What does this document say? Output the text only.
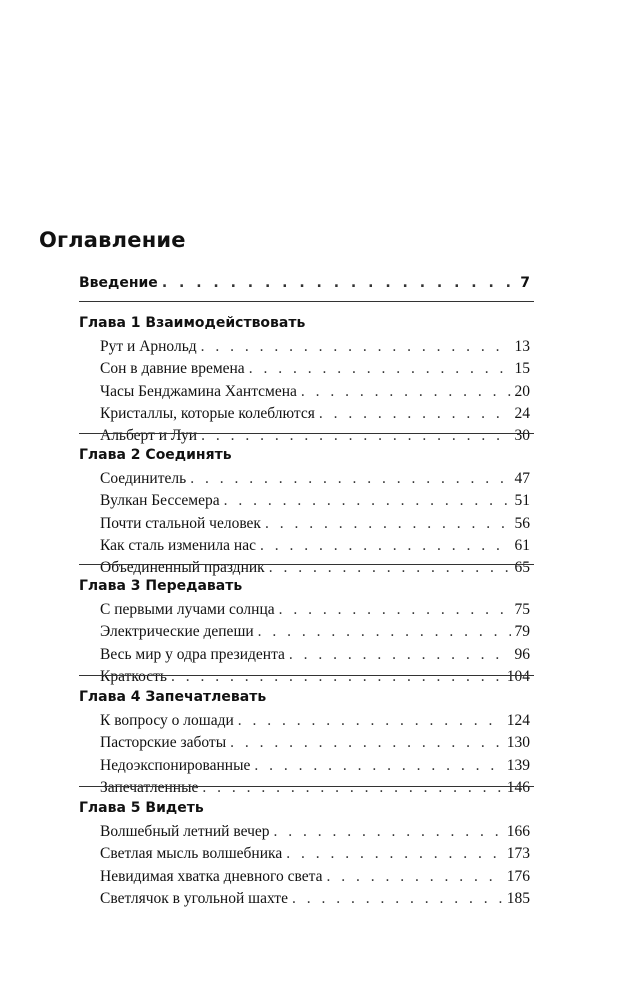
Оглавление
Введение . . .	7
Глава 1 Взаимодействовать
Рут и Арнольд . . .	13
Сон в давние времена . . .	15
Часы Бенджамина Хантсмена . . .	20
Кристаллы, которые колеблются . . .	24
Альберт и Луи . . .	30
Глава 2 Соединять
Соединитель . . .	47
Вулкан Бессемера . . .	51
Почти стальной человек . . .	56
Как сталь изменила нас . . .	61
Объединенный праздник . . .	65
Глава 3 Передавать
С первыми лучами солнца . . .	75
Электрические депеши . . .	79
Весь мир у одра президента . . .	96
Краткость . . .	104
Глава 4 Запечатлевать
К вопросу о лошади . . .	124
Пасторские заботы . . .	130
Недоэкспонированные . . .	139
Запечатленные . . .	146
Глава 5 Видеть
Волшебный летний вечер . . .	166
Светлая мысль волшебника . . .	173
Невидимая хватка дневного света . . .	176
Светлячок в угольной шахте . . .	185
